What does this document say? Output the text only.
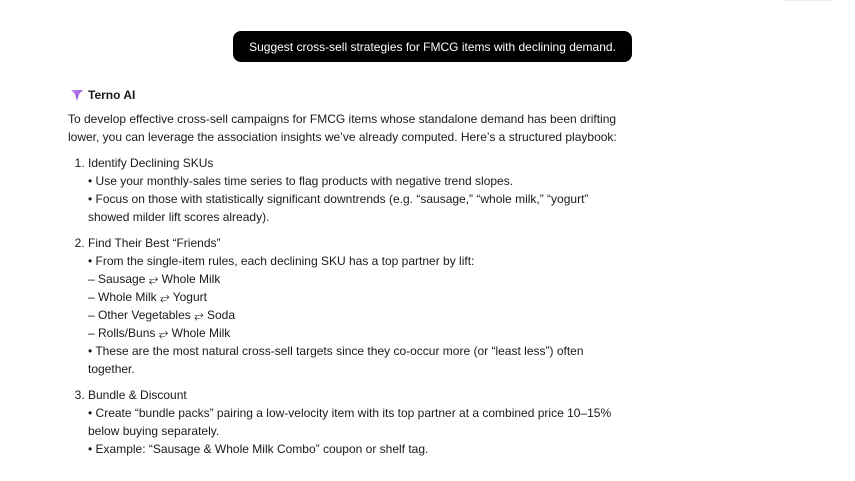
Suggest cross-sell strategies for FMCG items with declining demand.
Terno AI

To develop effective cross-sell campaigns for FMCG items whose standalone demand has been drifting lower, you can leverage the association insights we’ve already computed. Here’s a structured playbook:

1. Identify Declining SKUs
• Use your monthly-sales time series to flag products with negative trend slopes.
• Focus on those with statistically significant downtrends (e.g. “sausage,” “whole milk,” “yogurt” showed milder lift scores already).
2. Find Their Best “Friends”
• From the single-item rules, each declining SKU has a top partner by lift:
– Sausage ⥂ Whole Milk
– Whole Milk ⥂ Yogurt
– Other Vegetables ⥂ Soda
– Rolls/Buns ⥂ Whole Milk
• These are the most natural cross-sell targets since they co-occur more (or “least less”) often together.
3. Bundle & Discount
• Create “bundle packs” pairing a low-velocity item with its top partner at a combined price 10–15% below buying separately.
• Example: “Sausage & Whole Milk Combo” coupon or shelf tag.
